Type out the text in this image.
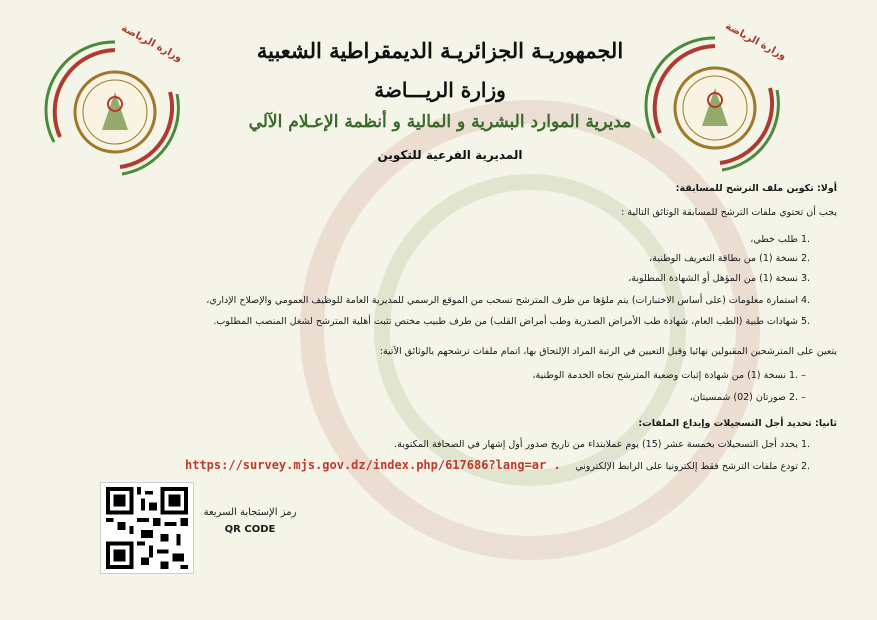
وزارة الرياضة	وزارة الرياضة
الجمهوريـة الجزائريـة الديمقراطية الشعبية
وزارة الريـــاضة
مديرية الموارد البشرية و المالية و أنظمة الإعـلام الآلي
المديرية الفرعية للتكوين
أولا: تكوين ملف الترشح للمسابقة:
يجب أن تحتوي ملفات الترشح للمسابقة الوثائق التالية :
1. طلب خطي،
2. نسخة (1) من بطاقة التعريف الوطنية،
3. نسخة (1) من المؤهل أو الشهادة المطلوبة،
4. استمارة معلومات (على أساس الاختبارات) يتم ملؤها من طرف المترشح تسحب من الموقع الرسمي للمديرية العامة للوظيف العمومي والإصلاح الإداري،
5. شهادات طبية (الطب العام، شهادة طب الأمراض الصدرية وطب أمراض القلب) من طرف طبيب مختص تثبت أهلية المترشح لشغل المنصب المطلوب.
يتعين على المترشحين المقبولين نهائيا وقبل التعيين في الرتبة المراد الإلتحاق بها، اتمام ملفات ترشحهم بالوثائق الآتية:
1. – نسخة (1) من شهادة إثبات وضعية المترشح تجاه الخدمة الوطنية،
2. – صورتان (02) شمسيتان،
ثانيا: تحديد أجل التسجيلات وإيداع الملفات:
1. يحدد أجل التسجيلات بخمسة عشر (15) يوم عملابتداء من تاريخ صدور أول إشهار في الصحافة المكتوبة.
2. تودع ملفات الترشح فقط إلكترونيا على الرابط الإلكتروني
https://survey.mjs.gov.dz/index.php/617686?lang=ar .
رمز الإستجابة السريعة
QR CODE
